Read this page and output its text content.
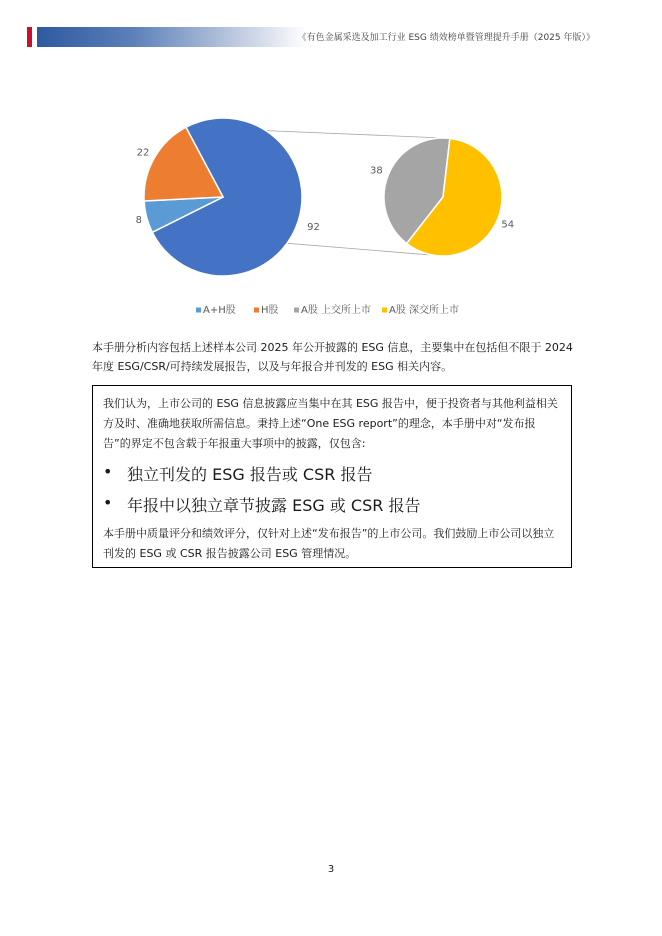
《有色金属采选及加工行业 ESG 绩效榜单暨管理提升手册（2025 年版）》
92
8
22
38
54
A+H股	H股 A股 上交所上市 A股 深交所上市
本手册分析内容包括上述样本公司 2025 年公开披露的 ESG 信息，主要集中在包括但不限于 2024 年度 ESG/CSR/可持续发展报告，以及与年报合并刊发的 ESG 相关内容。

我们认为，上市公司的 ESG 信息披露应当集中在其 ESG 报告中，便于投资者与其他利益相关方及时、准确地获取所需信息。秉持上述“One ESG report”的理念，本手册中对“发布报告”的界定不包含载于年报重大事项中的披露，仅包含:

• 独立刊发的 ESG 报告或 CSR 报告
• 年报中以独立章节披露 ESG 或 CSR 报告

本手册中质量评分和绩效评分，仅针对上述“发布报告”的上市公司。我们鼓励上市公司以独立刊发的 ESG 或 CSR 报告披露公司 ESG 管理情况。

3
